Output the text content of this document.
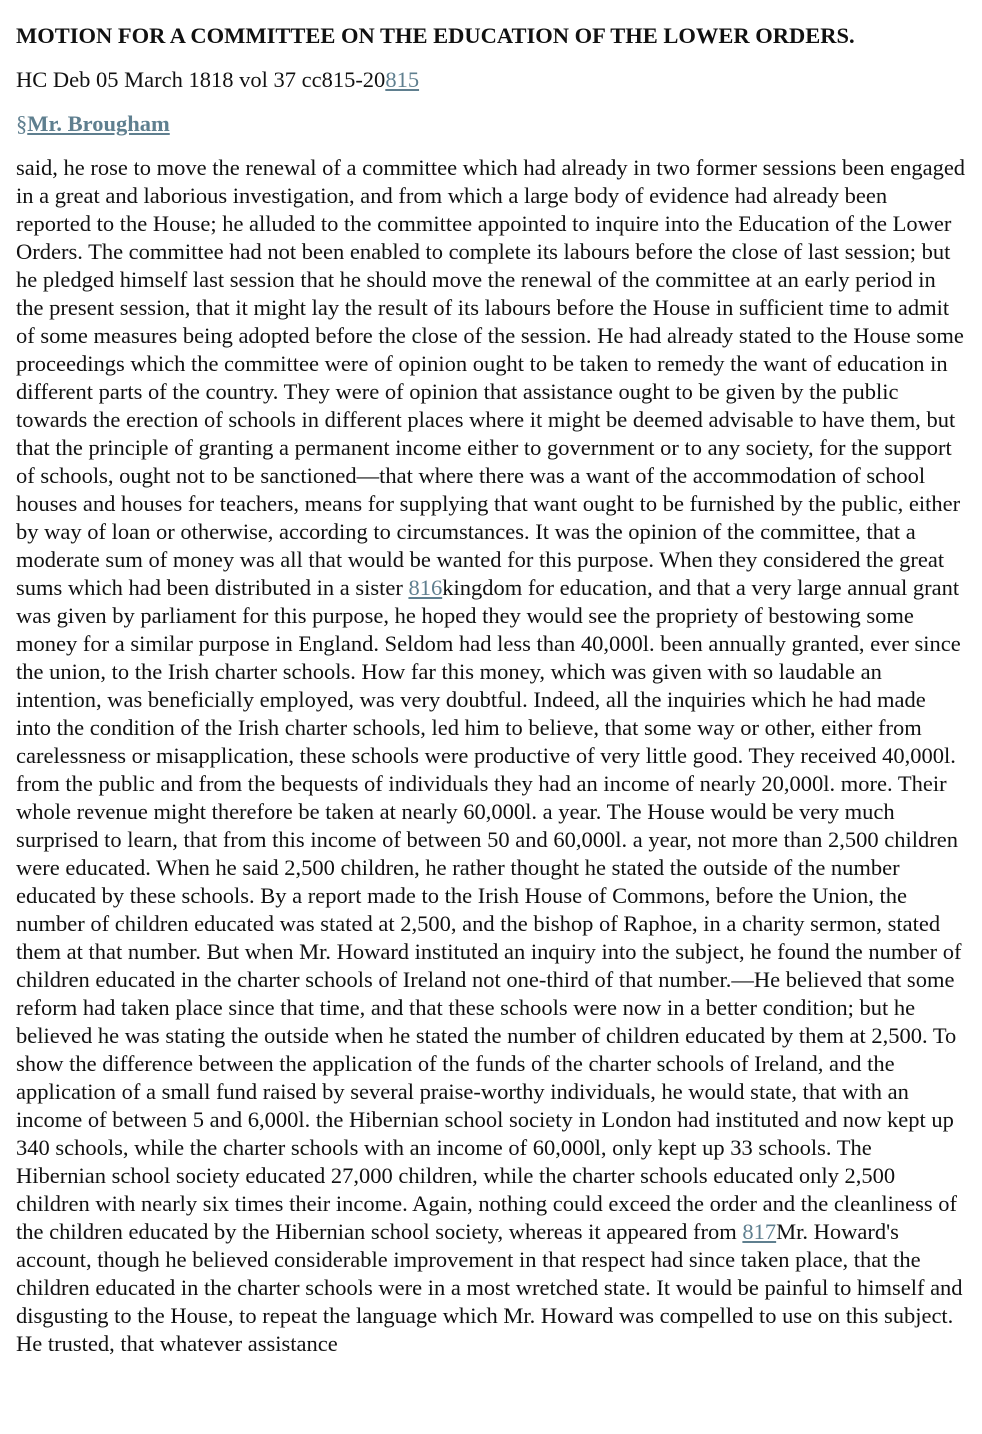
MOTION FOR A COMMITTEE ON THE EDUCATION OF THE LOWER ORDERS.

HC Deb 05 March 1818 vol 37 cc815-20815

§Mr. Brougham

said, he rose to move the renewal of a committee which had already in two former sessions been engaged in a great and laborious investigation, and from which a large body of evidence had already been reported to the House; he alluded to the committee appointed to inquire into the Education of the Lower Orders. The committee had not been enabled to complete its labours before the close of last session; but he pledged himself last session that he should move the renewal of the committee at an early period in the present session, that it might lay the result of its labours before the House in sufficient time to admit of some measures being adopted before the close of the session. He had already stated to the House some proceedings which the committee were of opinion ought to be taken to remedy the want of education in different parts of the country. They were of opinion that assistance ought to be given by the public towards the erection of schools in different places where it might be deemed advisable to have them, but that the principle of granting a permanent income either to government or to any society, for the support of schools, ought not to be sanctioned—that where there was a want of the accommodation of school houses and houses for teachers, means for supplying that want ought to be furnished by the public, either by way of loan or otherwise, according to circumstances. It was the opinion of the committee, that a moderate sum of money was all that would be wanted for this purpose. When they considered the great sums which had been distributed in a sister 816kingdom for education, and that a very large annual grant was given by parliament for this purpose, he hoped they would see the propriety of bestowing some money for a similar purpose in England. Seldom had less than 40,000l. been annually granted, ever since the union, to the Irish charter schools. How far this money, which was given with so laudable an intention, was beneficially employed, was very doubtful. Indeed, all the inquiries which he had made into the condition of the Irish charter schools, led him to believe, that some way or other, either from carelessness or misapplication, these schools were productive of very little good. They received 40,000l. from the public and from the bequests of individuals they had an income of nearly 20,000l. more. Their whole revenue might therefore be taken at nearly 60,000l. a year. The House would be very much surprised to learn, that from this income of between 50 and 60,000l. a year, not more than 2,500 children were educated. When he said 2,500 children, he rather thought he stated the outside of the number educated by these schools. By a report made to the Irish House of Commons, before the Union, the number of children educated was stated at 2,500, and the bishop of Raphoe, in a charity sermon, stated them at that number. But when Mr. Howard instituted an inquiry into the subject, he found the number of children educated in the charter schools of Ireland not one-third of that number.—He believed that some reform had taken place since that time, and that these schools were now in a better condition; but he believed he was stating the outside when he stated the number of children educated by them at 2,500. To show the difference between the application of the funds of the charter schools of Ireland, and the application of a small fund raised by several praise-worthy individuals, he would state, that with an income of between 5 and 6,000l. the Hibernian school society in London had instituted and now kept up 340 schools, while the charter schools with an income of 60,000l, only kept up 33 schools. The Hibernian school society educated 27,000 children, while the charter schools educated only 2,500 children with nearly six times their income. Again, nothing could exceed the order and the cleanliness of the children educated by the Hibernian school society, whereas it appeared from 817Mr. Howard's account, though he believed considerable improvement in that respect had since taken place, that the children educated in the charter schools were in a most wretched state. It would be painful to himself and disgusting to the House, to repeat the language which Mr. Howard was compelled to use on this subject. He trusted, that whatever assistance
